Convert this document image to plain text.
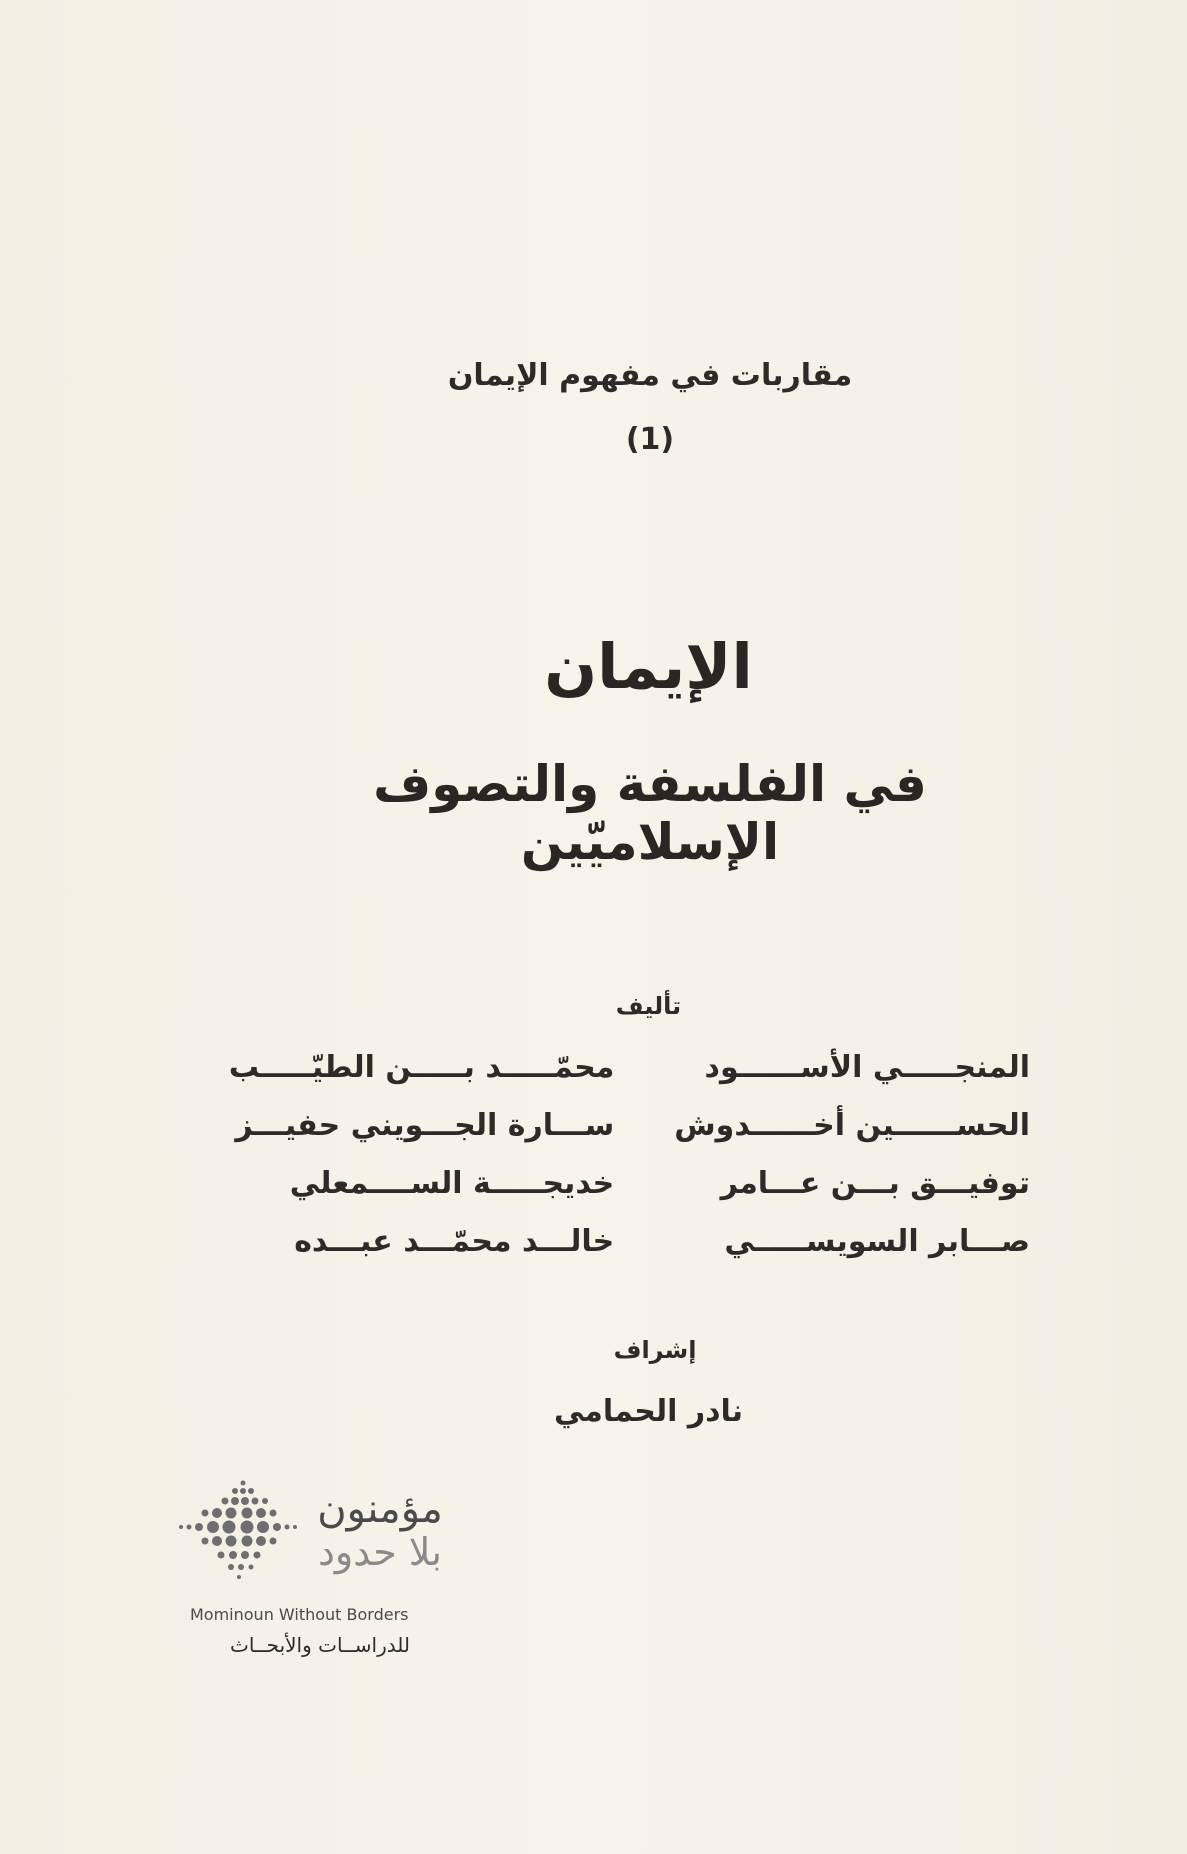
مقاربات في مفهوم الإيمان
(1)
الإيمان
في الفلسفة والتصوف الإسلاميّين
تأليف
المنجـــــي الأســــــود
محمّـــــد بـــــن الطيّـــــب
الحســــــين أخــــــدوش
ســـارة الجـــويني حفيـــز
توفيـــق بـــن عـــامر
خديجـــــة الســــمعلي
صـــابر السويســـــي
خالـــد محمّـــد عبـــده
إشراف
نادر الحمامي
مؤمنون
بلا حدود
Mominoun Without Borders
للدراســات والأبحــاث
